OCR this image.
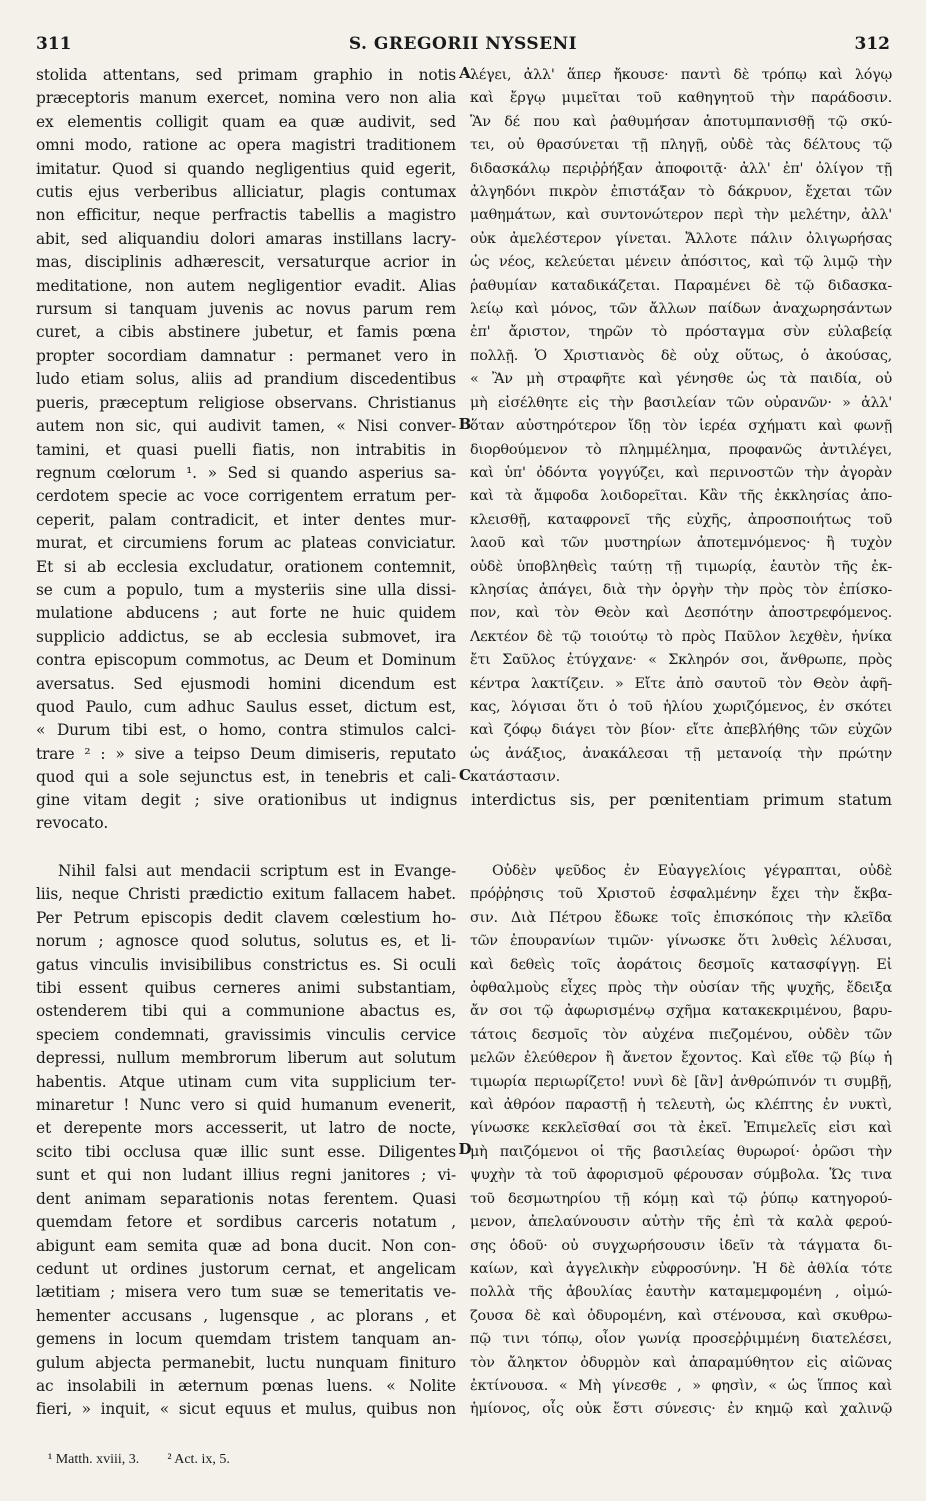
311	S. GREGORII NYSSENI	312
stolida attentans, sed primam graphio in notis
præceptoris manum exercet, nomina vero non alia
ex elementis colligit quam ea quæ audivit, sed
omni modo, ratione ac opera magistri traditionem
imitatur. Quod si quando negligentius quid egerit,
cutis ejus verberibus alliciatur, plagis contumax
non efficitur, neque perfractis tabellis a magistro
abit, sed aliquandiu dolori amaras instillans lacry-
mas, disciplinis adhærescit, versaturque acrior in
meditatione, non autem negligentior evadit. Alias
rursum si tanquam juvenis ac novus parum rem
curet, a cibis abstinere jubetur, et famis pœna
propter socordiam damnatur : permanet vero in
ludo etiam solus, aliis ad prandium discedentibus
pueris, præceptum religiose observans. Christianus
autem non sic, qui audivit tamen, « Nisi conver-
tamini, et quasi puelli fiatis, non intrabitis in
regnum cœlorum ¹. » Sed si quando asperius sa-
cerdotem specie ac voce corrigentem erratum per-
ceperit, palam contradicit, et inter dentes mur-
murat, et circumiens forum ac plateas conviciatur.
Et si ab ecclesia excludatur, orationem contemnit,
se cum a populo, tum a mysteriis sine ulla dissi-
mulatione abducens ; aut forte ne huic quidem
supplicio addictus, se ab ecclesia submovet, ira
contra episcopum commotus, ac Deum et Dominum
aversatus. Sed ejusmodi homini dicendum est
quod Paulo, cum adhuc Saulus esset, dictum est,
« Durum tibi est, o homo, contra stimulos calci-
trare ² : » sive a teipso Deum dimiseris, reputato
quod qui a sole sejunctus est, in tenebris et cali-
λέγει, ἀλλ' ἅπερ ἤκουσε· παντὶ δὲ τρόπῳ καὶ λόγῳ
καὶ ἔργῳ μιμεῖται τοῦ καθηγητοῦ τὴν παράδοσιν.
Ἂν δέ που καὶ ῥαθυμήσαν ἀποτυμπανισθῇ τῷ σκύ-
τει, οὐ θρασύνεται τῇ πληγῇ, οὐδὲ τὰς δέλτους τῷ
διδασκάλῳ περιῤῥήξαν ἀποφοιτᾷ· ἀλλ' ἐπ' ὀλίγον τῇ
ἀλγηδόνι πικρὸν ἐπιστάξαν τὸ δάκρυον, ἔχεται τῶν
μαθημάτων, καὶ συντονώτερον περὶ τὴν μελέτην, ἀλλ'
οὐκ ἀμελέστερον γίνεται. Ἄλλοτε πάλιν ὀλιγωρήσας
ὡς νέος, κελεύεται μένειν ἀπόσιτος, καὶ τῷ λιμῷ τὴν
ῥαθυμίαν καταδικάζεται. Παραμένει δὲ τῷ διδασκα-
λείῳ καὶ μόνος, τῶν ἄλλων παίδων ἀναχωρησάντων
ἐπ' ἄριστον, τηρῶν τὸ πρόσταγμα σὺν εὐλαβείᾳ
πολλῇ. Ὁ Χριστιανὸς δὲ οὐχ οὕτως, ὁ ἀκούσας,
« Ἂν μὴ στραφῆτε καὶ γένησθε ὡς τὰ παιδία, οὐ
μὴ εἰσέλθητε εἰς τὴν βασιλείαν τῶν οὐρανῶν· » ἀλλ'
ὅταν αὐστηρότερον ἴδῃ τὸν ἱερέα σχήματι καὶ φωνῇ
διορθούμενον τὸ πλημμέλημα, προφανῶς ἀντιλέγει,
καὶ ὑπ' ὀδόντα γογγύζει, καὶ περινοστῶν τὴν ἀγορὰν
καὶ τὰ ἄμφοδα λοιδορεῖται. Κἂν τῆς ἐκκλησίας ἀπο-
κλεισθῇ, καταφρονεῖ τῆς εὐχῆς, ἀπροσποιήτως τοῦ
λαοῦ καὶ τῶν μυστηρίων ἀποτεμνόμενος· ἢ τυχὸν
οὐδὲ ὑποβληθεὶς ταύτῃ τῇ τιμωρίᾳ, ἑαυτὸν τῆς ἐκ-
κλησίας ἀπάγει, διὰ τὴν ὀργὴν τὴν πρὸς τὸν ἐπίσκο-
πον, καὶ τὸν Θεὸν καὶ Δεσπότην ἀποστρεφόμενος.
Λεκτέον δὲ τῷ τοιούτῳ τὸ πρὸς Παῦλον λεχθὲν, ἡνίκα
ἔτι Σαῦλος ἐτύγχανε· « Σκληρόν σοι, ἄνθρωπε, πρὸς
κέντρα λακτίζειν. » Εἴτε ἀπὸ σαυτοῦ τὸν Θεὸν ἀφῆ-
κας, λόγισαι ὅτι ὁ τοῦ ἡλίου χωριζόμενος, ἐν σκότει
καὶ ζόφῳ διάγει τὸν βίον· εἴτε ἀπεβλήθης τῶν εὐχῶν
ὡς ἀνάξιος, ἀνακάλεσαι τῇ μετανοίᾳ τὴν πρώτην
κατάστασιν.
A
B
C
D
gine vitam degit ; sive orationibus ut indignus interdictus sis, per pœnitentiam primum statum
revocato.
Nihil falsi aut mendacii scriptum est in Evange-
liis, neque Christi prædictio exitum fallacem habet.
Per Petrum episcopis dedit clavem cœlestium ho-
norum ; agnosce quod solutus, solutus es, et li-
gatus vinculis invisibilibus constrictus es. Si oculi
tibi essent quibus cerneres animi substantiam,
ostenderem tibi qui a communione abactus es,
speciem condemnati, gravissimis vinculis cervice
depressi, nullum membrorum liberum aut solutum
habentis. Atque utinam cum vita supplicium ter-
minaretur ! Nunc vero si quid humanum evenerit,
et derepente mors accesserit, ut latro de nocte,
scito tibi occlusa quæ illic sunt esse. Diligentes
sunt et qui non ludant illius regni janitores ; vi-
dent animam separationis notas ferentem. Quasi
quemdam fetore et sordibus carceris notatum ,
abigunt eam semita quæ ad bona ducit. Non con-
cedunt ut ordines justorum cernat, et angelicam
lætitiam ; misera vero tum suæ se temeritatis ve-
hementer accusans , lugensque , ac plorans , et
gemens in locum quemdam tristem tanquam an-
gulum abjecta permanebit, luctu nunquam finituro
ac insolabili in æternum pœnas luens. « Nolite
fieri, » inquit, « sicut equus et mulus, quibus non
Οὐδὲν ψεῦδος ἐν Εὐαγγελίοις γέγραπται, οὐδὲ
πρόῤῥησις τοῦ Χριστοῦ ἐσφαλμένην ἔχει τὴν ἔκβα-
σιν. Διὰ Πέτρου ἔδωκε τοῖς ἐπισκόποις τὴν κλεῖδα
τῶν ἐπουρανίων τιμῶν· γίνωσκε ὅτι λυθεὶς λέλυσαι,
καὶ δεθεὶς τοῖς ἀοράτοις δεσμοῖς κατασφίγγῃ. Εἰ
ὀφθαλμοὺς εἶχες πρὸς τὴν οὐσίαν τῆς ψυχῆς, ἔδειξα
ἄν σοι τῷ ἀφωρισμένῳ σχῆμα κατακεκριμένου, βαρυ-
τάτοις δεσμοῖς τὸν αὐχένα πιεζομένου, οὐδὲν τῶν
μελῶν ἐλεύθερον ἢ ἄνετον ἔχοντος. Καὶ εἴθε τῷ βίῳ ἡ
τιμωρία περιωρίζετο! νυνὶ δὲ [ἂν] ἀνθρώπινόν τι συμβῇ,
καὶ ἀθρόον παραστῇ ἡ τελευτὴ, ὡς κλέπτης ἐν νυκτὶ,
γίνωσκε κεκλεῖσθαί σοι τὰ ἐκεῖ. Ἐπιμελεῖς εἰσι καὶ
μὴ παιζόμενοι οἱ τῆς βασιλείας θυρωροί· ὁρῶσι τὴν
ψυχὴν τὰ τοῦ ἀφορισμοῦ φέρουσαν σύμβολα. Ὥς τινα
τοῦ δεσμωτηρίου τῇ κόμῃ καὶ τῷ ῥύπῳ κατηγορού-
μενον, ἀπελαύνουσιν αὐτὴν τῆς ἐπὶ τὰ καλὰ φερού-
σης ὁδοῦ· οὐ συγχωρήσουσιν ἰδεῖν τὰ τάγματα δι-
καίων, καὶ ἀγγελικὴν εὐφροσύνην. Ἡ δὲ ἀθλία τότε
πολλὰ τῆς ἀβουλίας ἑαυτὴν καταμεμφομένη , οἰμώ-
ζουσα δὲ καὶ ὀδυρομένη, καὶ στένουσα, καὶ σκυθρω-
πῷ τινι τόπῳ, οἷον γωνίᾳ προσεῤῥιμμένη διατελέσει,
τὸν ἄληκτον ὀδυρμὸν καὶ ἀπαραμύθητον εἰς αἰῶνας
ἐκτίνουσα. « Μὴ γίνεσθε , » φησὶν, « ὡς ἵππος καὶ
ἡμίονος, οἷς οὐκ ἔστι σύνεσις· ἐν κημῷ καὶ χαλινῷ
¹ Matth. xviii, 3. ² Act. ix, 5.
